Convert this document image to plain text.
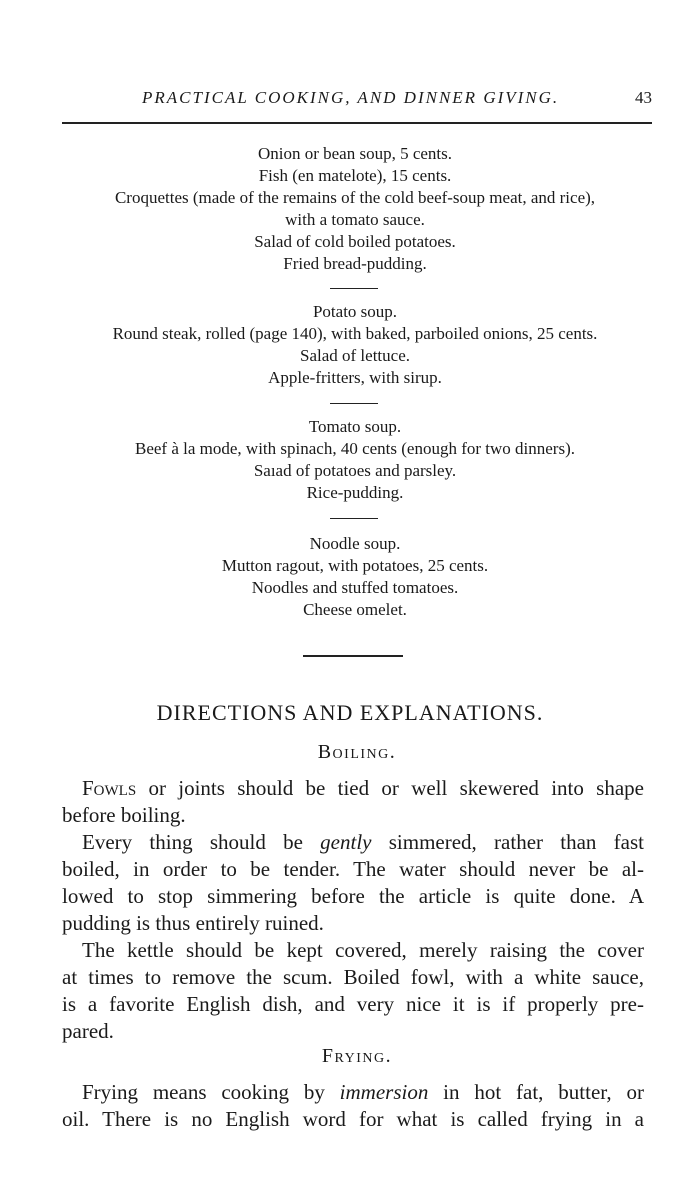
PRACTICAL COOKING, AND DINNER GIVING.	43
Onion or bean soup, 5 cents.
Fish (en matelote), 15 cents.
Croquettes (made of the remains of the cold beef-soup meat, and rice),
with a tomato sauce.
Salad of cold boiled potatoes.
Fried bread-pudding.
Potato soup.
Round steak, rolled (page 140), with baked, parboiled onions, 25 cents.
Salad of lettuce.
Apple-fritters, with sirup.
Tomato soup.
Beef à la mode, with spinach, 40 cents (enough for two dinners).
Saıad of potatoes and parsley.
Rice-pudding.
Noodle soup.
Mutton ragout, with potatoes, 25 cents.
Noodles and stuffed tomatoes.
Cheese omelet.
DIRECTIONS AND EXPLANATIONS.
Boiling.
Fowls or joints should be tied or well skewered into shape
before boiling.
Every thing should be gently simmered, rather than fast
boiled, in order to be tender. The water should never be al-
lowed to stop simmering before the article is quite done. A
pudding is thus entirely ruined.
The kettle should be kept covered, merely raising the cover
at times to remove the scum. Boiled fowl, with a white sauce,
is a favorite English dish, and very nice it is if properly pre-
pared.
Frying.
Frying means cooking by immersion in hot fat, butter, or
oil. There is no English word for what is called frying in a
